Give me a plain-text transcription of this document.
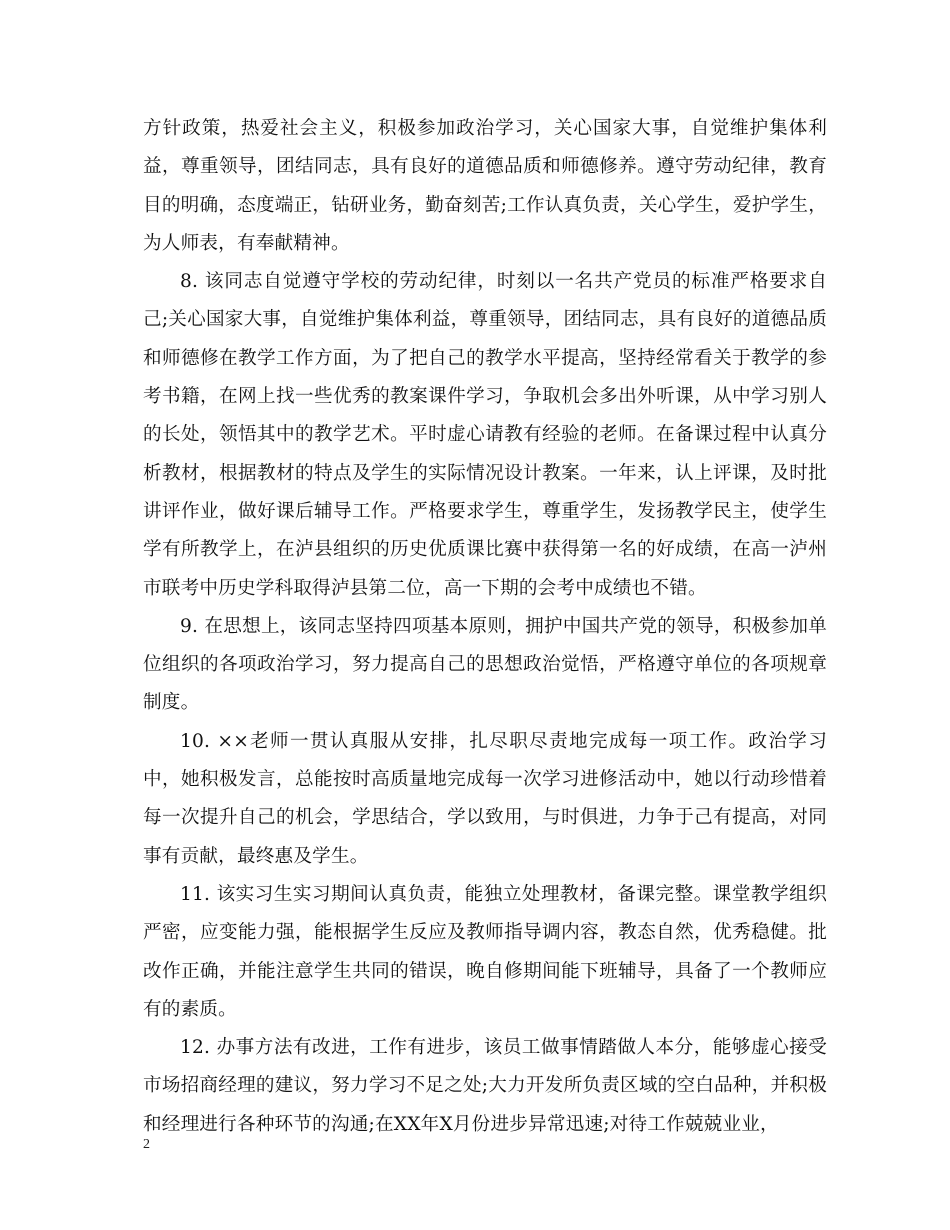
方针政策，热爱社会主义，积极参加政治学习，关心国家大事，自觉维护集体利益，尊重领导，团结同志，具有良好的道德品质和师德修养。遵守劳动纪律，教育目的明确，态度端正，钻研业务，勤奋刻苦;工作认真负责，关心学生，爱护学生，为人师表，有奉献精神。

8. 该同志自觉遵守学校的劳动纪律，时刻以一名共产党员的标准严格要求自己;关心国家大事，自觉维护集体利益，尊重领导，团结同志，具有良好的道德品质和师德修在教学工作方面，为了把自己的教学水平提高，坚持经常看关于教学的参考书籍，在网上找一些优秀的教案课件学习，争取机会多出外听课，从中学习别人的长处，领悟其中的教学艺术。平时虚心请教有经验的老师。在备课过程中认真分析教材，根据教材的特点及学生的实际情况设计教案。一年来，认上评课，及时批讲评作业，做好课后辅导工作。严格要求学生，尊重学生，发扬教学民主，使学生学有所教学上，在泸县组织的历史优质课比赛中获得第一名的好成绩，在高一泸州市联考中历史学科取得泸县第二位，高一下期的会考中成绩也不错。

9. 在思想上，该同志坚持四项基本原则，拥护中国共产党的领导，积极参加单位组织的各项政治学习，努力提高自己的思想政治觉悟，严格遵守单位的各项规章制度。

10. ××老师一贯认真服从安排，扎尽职尽责地完成每一项工作。政治学习中，她积极发言，总能按时高质量地完成每一次学习进修活动中，她以行动珍惜着每一次提升自己的机会，学思结合，学以致用，与时俱进，力争于己有提高，对同事有贡献，最终惠及学生。

11. 该实习生实习期间认真负责，能独立处理教材，备课完整。课堂教学组织严密，应变能力强，能根据学生反应及教师指导调内容，教态自然，优秀稳健。批改作正确，并能注意学生共同的错误，晚自修期间能下班辅导，具备了一个教师应有的素质。

12. 办事方法有改进，工作有进步，该员工做事情踏做人本分，能够虚心接受市场招商经理的建议，努力学习不足之处;大力开发所负责区域的空白品种，并积极和经理进行各种环节的沟通;在XX年X月份进步异常迅速;对待工作兢兢业业，

2
